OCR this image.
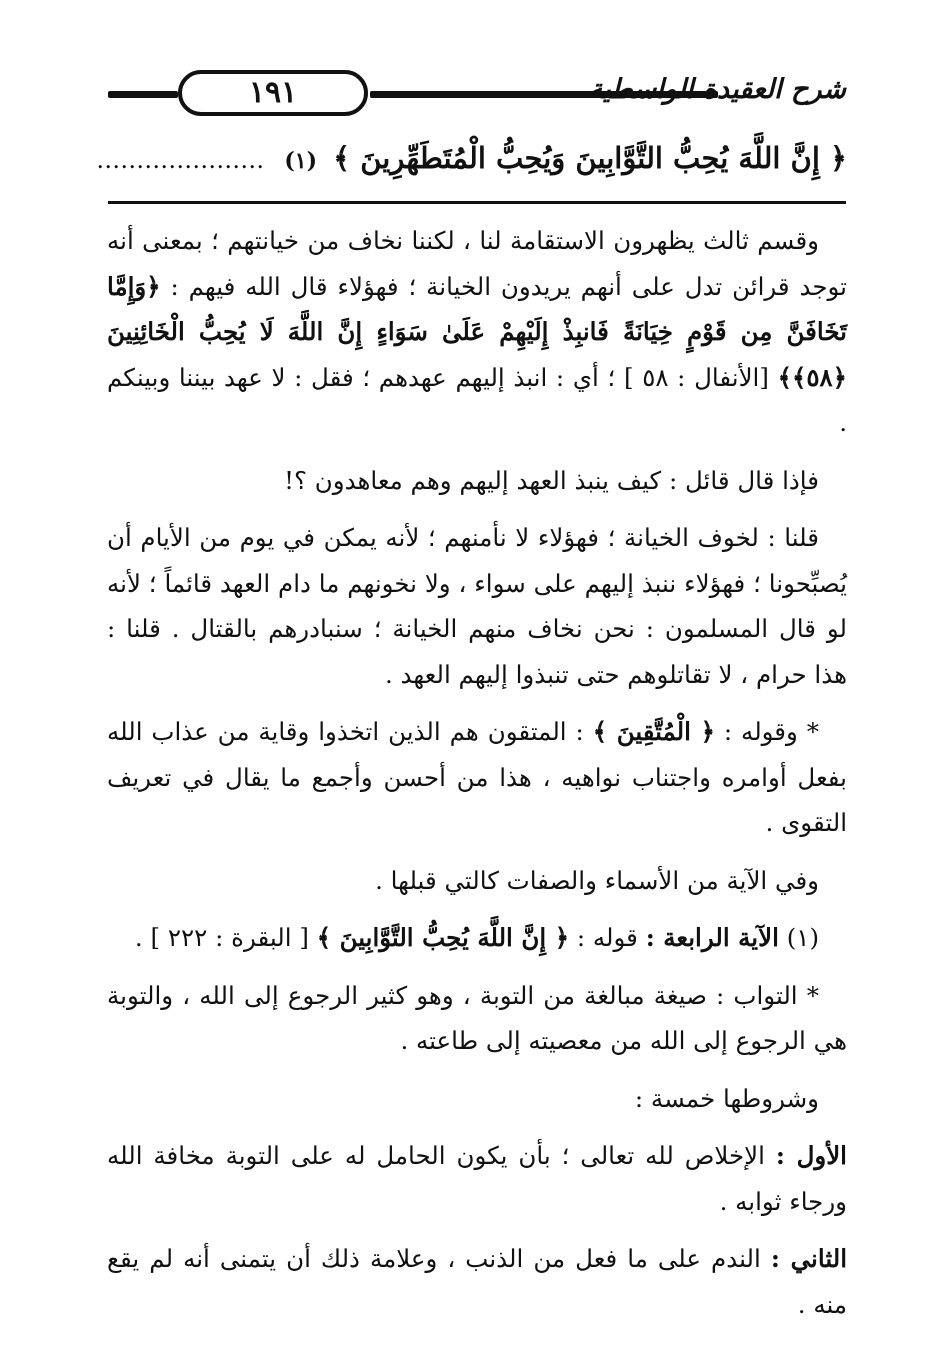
١٩١	شرح العقيدة الواسطية
﴿ إِنَّ اللَّهَ يُحِبُّ التَّوَّابِينَ وَيُحِبُّ الْمُتَطَهِّرِينَ ﴾ (١) …………………

وقسم ثالث يظهرون الاستقامة لنا ، لكننا نخاف من خيانتهم ؛ بمعنى أنه توجد قرائن تدل على أنهم يريدون الخيانة ؛ فهؤلاء قال الله فيهم : ﴿وَإِمَّا تَخَافَنَّ مِن قَوْمٍ خِيَانَةً فَانبِذْ إِلَيْهِمْ عَلَىٰ سَوَاءٍ إِنَّ اللَّهَ لَا يُحِبُّ الْخَائِنِينَ ﴿٥٨﴾﴾ [الأنفال : ٥٨ ] ؛ أي : انبذ إليهم عهدهم ؛ فقل : لا عهد بيننا وبينكم .

فإذا قال قائل : كيف ينبذ العهد إليهم وهم معاهدون ؟!

قلنا : لخوف الخيانة ؛ فهؤلاء لا نأمنهم ؛ لأنه يمكن في يوم من الأيام أن يُصبِّحونا ؛ فهؤلاء ننبذ إليهم على سواء ، ولا نخونهم ما دام العهد قائماً ؛ لأنه لو قال المسلمون : نحن نخاف منهم الخيانة ؛ سنبادرهم بالقتال . قلنا : هذا حرام ، لا تقاتلوهم حتى تنبذوا إليهم العهد .

* وقوله : ﴿ الْمُتَّقِينَ ﴾ : المتقون هم الذين اتخذوا وقاية من عذاب الله بفعل أوامره واجتناب نواهيه ، هذا من أحسن وأجمع ما يقال في تعريف التقوى .

وفي الآية من الأسماء والصفات كالتي قبلها .

(١) الآية الرابعة : قوله : ﴿ إِنَّ اللَّهَ يُحِبُّ التَّوَّابِينَ ﴾ [ البقرة : ٢٢٢ ] .

* التواب : صيغة مبالغة من التوبة ، وهو كثير الرجوع إلى الله ، والتوبة هي الرجوع إلى الله من معصيته إلى طاعته .

وشروطها خمسة :

الأول : الإخلاص لله تعالى ؛ بأن يكون الحامل له على التوبة مخافة الله ورجاء ثوابه .

الثاني : الندم على ما فعل من الذنب ، وعلامة ذلك أن يتمنى أنه لم يقع منه .
